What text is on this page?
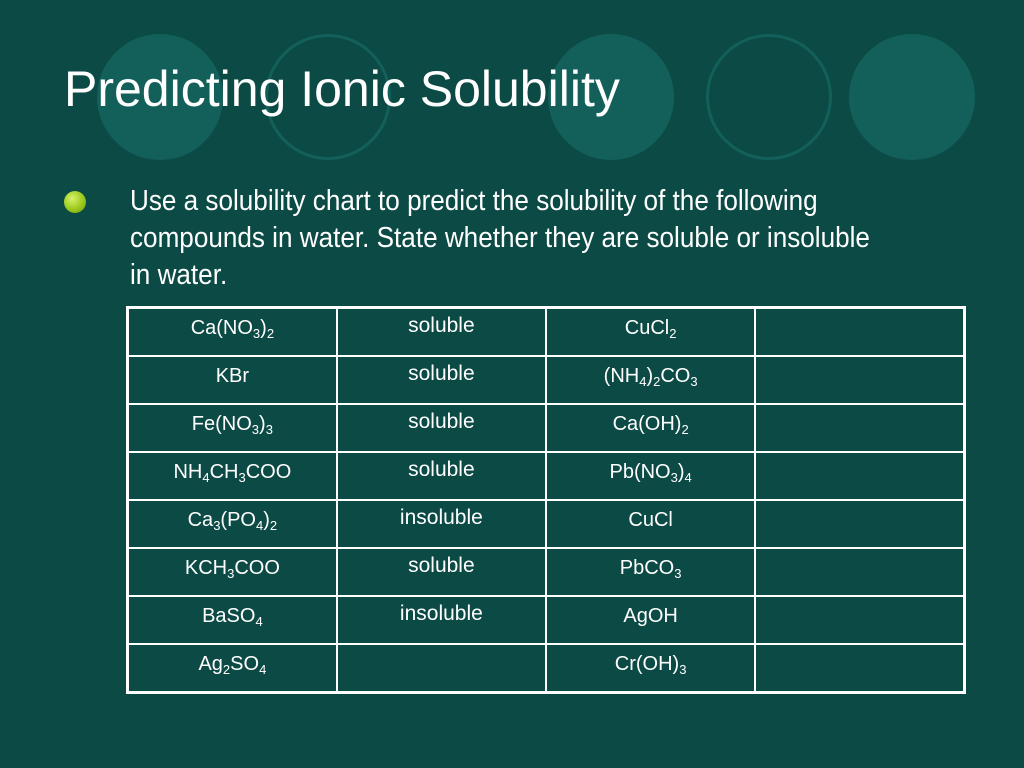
Predicting Ionic Solubility
Use a solubility chart to predict the solubility of the following compounds in water. State whether they are soluble or insoluble in water.
$Ca(NO_3)_2$	soluble	CuCl$_2$	
KBr	soluble	$(NH_4)_2CO_3$	
$Fe(NO_3)_3$	soluble	$Ca(OH)_2$	
$NH_4CH_3COO$	soluble	$Pb(NO_3)_4$	
$Ca_3(PO_4)_2$	insoluble	CuCl	
$KCH_3COO$	soluble	PbCO$_3$	
BaSO$_4$	insoluble	AgOH	
$Ag_2SO_4$		$Cr(OH)_3$	
